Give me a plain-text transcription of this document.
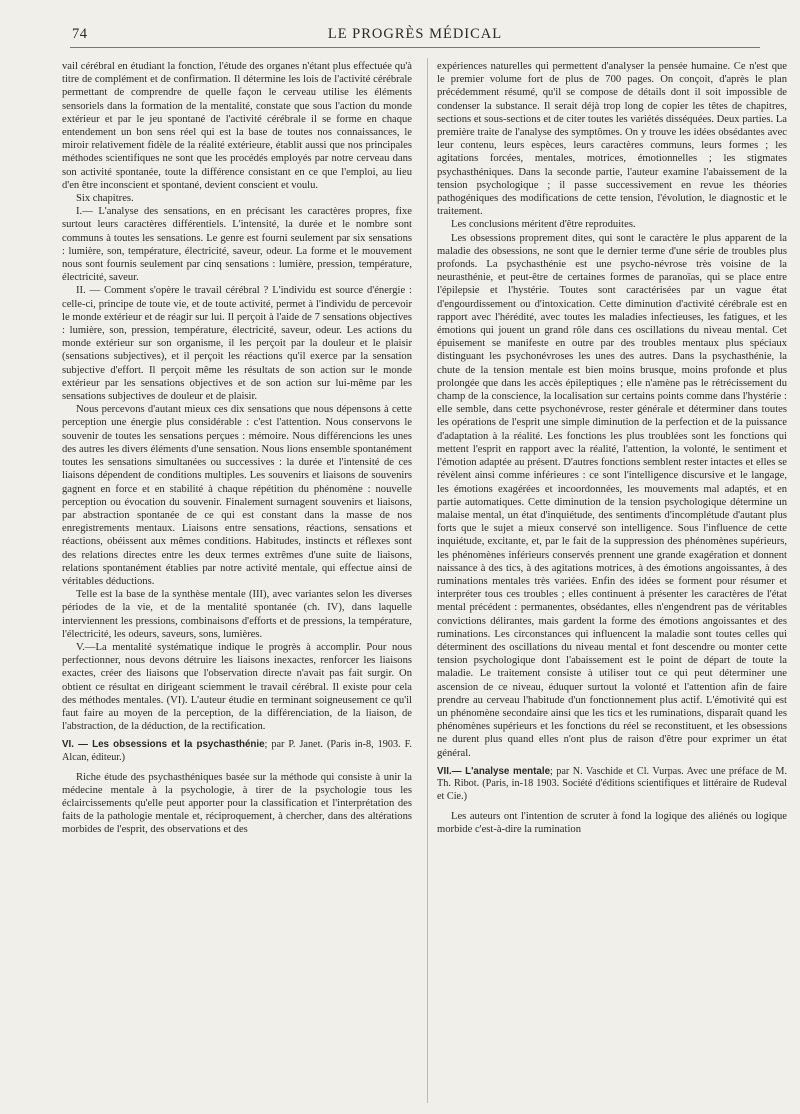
74	LE PROGRÈS MÉDICAL

vail cérébral en étudiant la fonction, l'étude des organes n'étant plus effectuée qu'à titre de complément et de confirmation. Il détermine les lois de l'activité cérébrale permettant de comprendre de quelle façon le cerveau utilise les éléments sensoriels dans la formation de la mentalité, constate que sous l'action du monde extérieur et par le jeu spontané de l'activité cérébrale il se forme en chaque entendement un bon sens réel qui est la base de toutes nos connaissances, le miroir relativement fidèle de la réalité extérieure, établit aussi que nos principales méthodes scientifiques ne sont que les procédés employés par notre cerveau dans son activité spontanée, toute la différence consistant en ce que l'emploi, au lieu d'en être inconscient et spontané, devient conscient et voulu.

Six chapitres.

I.— L'analyse des sensations, en en précisant les caractères propres, fixe surtout leurs caractères différentiels. L'intensité, la durée et le nombre sont communs à toutes les sensations. Le genre est fourni seulement par six sensations : lumière, son, température, électricité, saveur, odeur. La forme et le mouvement nous sont fournis seulement par cinq sensations : lumière, pression, température, électricité, saveur.

II. — Comment s'opère le travail cérébral ? L'individu est source d'énergie : celle-ci, principe de toute vie, et de toute activité, permet à l'individu de percevoir le monde extérieur et de réagir sur lui. Il perçoit à l'aide de 7 sensations objectives : lumière, son, pression, température, électricité, saveur, odeur. Les actions du monde extérieur sur son organisme, il les perçoit par la douleur et le plaisir (sensations subjectives), et il perçoit les réactions qu'il exerce par la sensation subjective d'effort. Il perçoit même les résultats de son action sur le monde extérieur par les sensations objectives et de son action sur lui-même par les sensations subjectives de douleur et de plaisir.

Nous percevons d'autant mieux ces dix sensations que nous dépensons à cette perception une énergie plus considérable : c'est l'attention. Nous conservons le souvenir de toutes les sensations perçues : mémoire. Nous différencions les unes des autres les divers éléments d'une sensation. Nous lions ensemble spontanément toutes les sensations simultanées ou successives : la durée et l'intensité de ces liaisons dépendent de conditions multiples. Les souvenirs et liaisons de souvenirs gagnent en force et en stabilité à chaque répétition du phénomène : nouvelle perception ou évocation du souvenir. Finalement surnagent souvenirs et liaisons, par abstraction spontanée de ce qui est constant dans la masse de nos enregistrements mentaux. Liaisons entre sensations, réactions, sensations et réactions, obéissent aux mêmes conditions. Habitudes, instincts et réflexes sont des relations directes entre les deux termes extrêmes d'une suite de liaisons, relations spontanément établies par notre activité mentale, qui effectue ainsi de véritables déductions.

Telle est la base de la synthèse mentale (III), avec variantes selon les diverses périodes de la vie, et de la mentalité spontanée (ch. IV), dans laquelle interviennent les pressions, combinaisons d'efforts et de pressions, la température, l'électricité, les odeurs, saveurs, sons, lumières.

V.—La mentalité systématique indique le progrès à accomplir. Pour nous perfectionner, nous devons détruire les liaisons inexactes, renforcer les liaisons exactes, créer des liaisons que l'observation directe n'avait pas fait surgir. On obtient ce résultat en dirigeant sciemment le travail cérébral. Il existe pour cela des méthodes mentales. (VI). L'auteur étudie en terminant soigneusement ce qu'il faut faire au moyen de la perception, de la différenciation, de la liaison, de l'abstraction, de la déduction, de la rectification.

VI. — Les obsessions et la psychasthénie; par P. Janet. (Paris in-8, 1903. F. Alcan, éditeur.)

Riche étude des psychasthéniques basée sur la méthode qui consiste à unir la médecine mentale à la psychologie, à tirer de la psychologie tous les éclaircissements qu'elle peut apporter pour la classification et l'interprétation des faits de la pathologie mentale et, réciproquement, à chercher, dans des altérations morbides de l'esprit, des observations et des

expériences naturelles qui permettent d'analyser la pensée humaine. Ce n'est que le premier volume fort de plus de 700 pages. On conçoit, d'après le plan précédemment résumé, qu'il se compose de détails dont il soit impossible de condenser la substance. Il serait déjà trop long de copier les têtes de chapitres, sections et sous-sections et de citer toutes les variétés disséquées. Deux parties. La première traite de l'analyse des symptômes. On y trouve les idées obsédantes avec leur contenu, leurs espèces, leurs caractères communs, leurs formes ; les agitations forcées, mentales, motrices, émotionnelles ; les stigmates psychasthéniques. Dans la seconde partie, l'auteur examine l'abaissement de la tension psychologique ; il passe successivement en revue les théories pathogéniques des modifications de cette tension, l'évolution, le diagnostic et le traitement.

Les conclusions méritent d'être reproduites.

Les obsessions proprement dites, qui sont le caractère le plus apparent de la maladie des obsessions, ne sont que le dernier terme d'une série de troubles plus profonds. La psychasthénie est une psycho-névrose très voisine de la neurasthénie, et peut-être de certaines formes de paranoïas, qui se place entre l'épilepsie et l'hystérie. Toutes sont caractérisées par un vague état d'engourdissement ou d'intoxication. Cette diminution d'activité cérébrale est en rapport avec l'hérédité, avec toutes les maladies infectieuses, les fatigues, et les émotions qui jouent un grand rôle dans ces oscillations du niveau mental. Cet épuisement se manifeste en outre par des troubles mentaux plus spéciaux distinguant les psychonévroses les unes des autres. Dans la psychasthénie, la chute de la tension mentale est bien moins brusque, moins profonde et plus prolongée que dans les accès épileptiques ; elle n'amène pas le rétrécissement du champ de la conscience, la localisation sur certains points comme dans l'hystérie : elle semble, dans cette psychonévrose, rester générale et déterminer dans toutes les opérations de l'esprit une simple diminution de la perfection et de la puissance d'adaptation à la réalité. Les fonctions les plus troublées sont les fonctions qui mettent l'esprit en rapport avec la réalité, l'attention, la volonté, le sentiment et l'émotion adaptée au présent. D'autres fonctions semblent rester intactes et elles se révèlent ainsi comme inférieures : ce sont l'intelligence discursive et le langage, les émotions exagérées et incoordonnées, les mouvements mal adaptés, et en partie automatiques. Cette diminution de la tension psychologique détermine un malaise mental, un état d'inquiétude, des sentiments d'incomplétude d'autant plus forts que le sujet a mieux conservé son intelligence. Sous l'influence de cette inquiétude, excitante, et, par le fait de la suppression des phénomènes supérieurs, les phénomènes inférieurs conservés prennent une grande exagération et donnent naissance à des tics, à des agitations motrices, à des émotions angoissantes, à des ruminations mentales très variées. Enfin des idées se forment pour résumer et interpréter tous ces troubles ; elles continuent à présenter les caractères de l'état mental précédent : permanentes, obsédantes, elles n'engendrent pas de véritables convictions délirantes, mais gardent la forme des émotions angoissantes et des ruminations. Les circonstances qui influencent la maladie sont toutes celles qui déterminent des oscillations du niveau mental et font descendre ou monter cette tension psychologique dont l'abaissement est le point de départ de toute la maladie. Le traitement consiste à utiliser tout ce qui peut déterminer une ascension de ce niveau, éduquer surtout la volonté et l'attention afin de faire prendre au cerveau l'habitude d'un fonctionnement plus actif. L'émotivité qui est un phénomène secondaire ainsi que les tics et les ruminations, disparaît quand les phénomènes supérieurs et les fonctions du réel se reconstituent, et les obsessions ne durent plus quand elles n'ont plus de raison d'être pour exprimer un état général.

VII.— L'analyse mentale; par N. Vaschide et Cl. Vurpas. Avec une préface de M. Th. Ribot. (Paris, in-18 1903. Société d'éditions scientifiques et littéraire de Rudeval et Cie.)

Les auteurs ont l'intention de scruter à fond la logique des aliénés ou logique morbide c'est-à-dire la rumination
